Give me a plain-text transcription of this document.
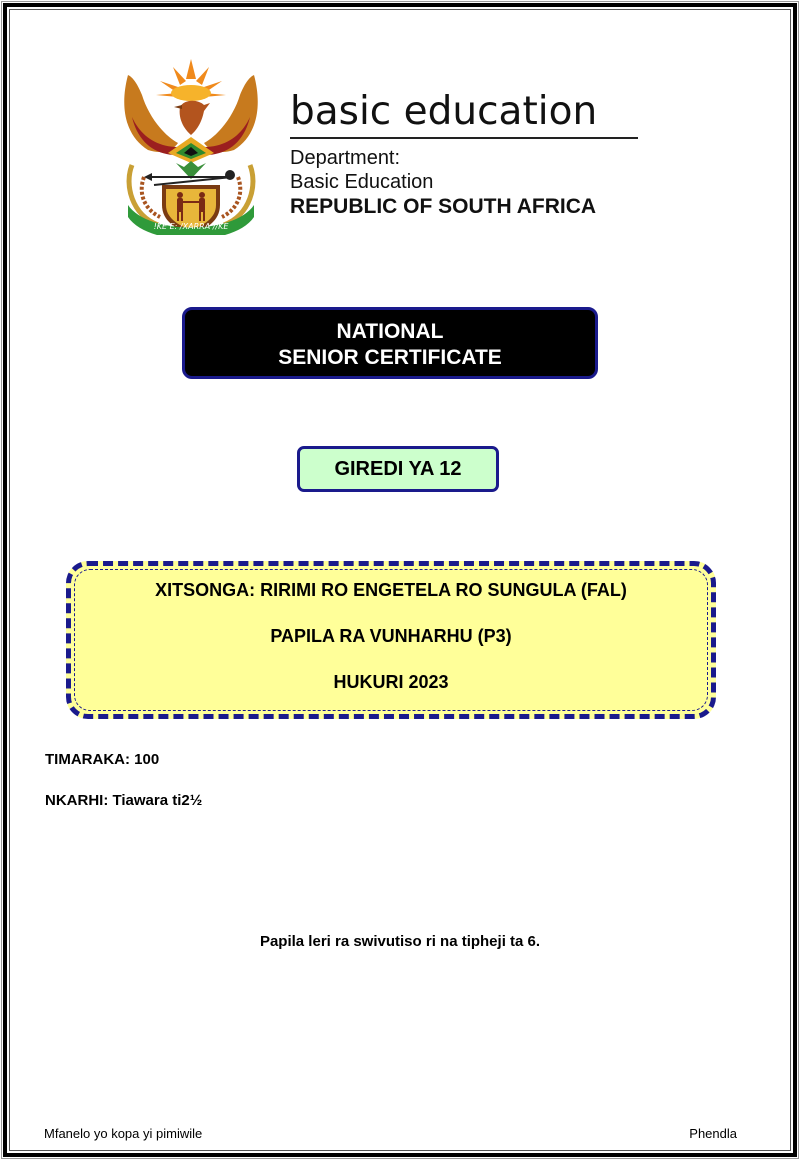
!KE E: /XARRA //KE
basic education
Department:
Basic Education
REPUBLIC OF SOUTH AFRICA
NATIONAL
SENIOR CERTIFICATE
GIREDI YA 12
XITSONGA: RIRIMI RO ENGETELA RO SUNGULA (FAL)
PAPILA RA VUNHARHU (P3)
HUKURI 2023
TIMARAKA: 100
NKARHI: Tiawara ti2½
Papila leri ra swivutiso ri na tipheji ta 6.
Mfanelo yo kopa yi pimiwile	Phendla
